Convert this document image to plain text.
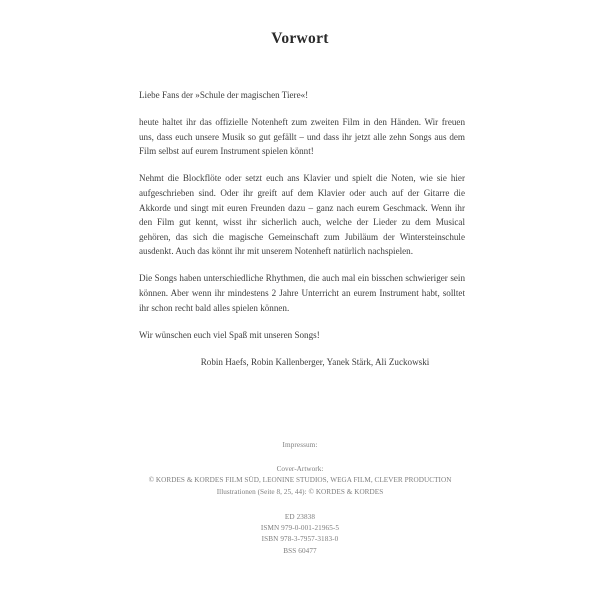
Vorwort

Liebe Fans der »Schule der magischen Tiere«!

heute haltet ihr das offizielle Notenheft zum zweiten Film in den Händen. Wir freuen uns, dass euch unsere Musik so gut gefällt – und dass ihr jetzt alle zehn Songs aus dem Film selbst auf eurem Instrument spielen könnt!

Nehmt die Blockflöte oder setzt euch ans Klavier und spielt die Noten, wie sie hier aufgeschrieben sind. Oder ihr greift auf dem Klavier oder auch auf der Gitarre die Akkorde und singt mit euren Freunden dazu – ganz nach eurem Geschmack. Wenn ihr den Film gut kennt, wisst ihr sicherlich auch, welche der Lieder zu dem Musical gehören, das sich die magische Gemeinschaft zum Jubiläum der Wintersteinschule ausdenkt. Auch das könnt ihr mit unserem Notenheft natürlich nachspielen.

Die Songs haben unterschiedliche Rhythmen, die auch mal ein bisschen schwieriger sein können. Aber wenn ihr mindestens 2 Jahre Unterricht an eurem Instrument habt, solltet ihr schon recht bald alles spielen können.

Wir wünschen euch viel Spaß mit unseren Songs!

Robin Haefs, Robin Kallenberger, Yanek Stärk, Ali Zuckowski

Impressum:
Cover-Artwork:
© KORDES & KORDES FILM SÜD, LEONINE STUDIOS, WEGA FILM, CLEVER PRODUCTION
Illustrationen (Seite 8, 25, 44): © KORDES & KORDES
ED 23838
ISMN 979-0-001-21965-5
ISBN 978-3-7957-3183-0
BSS 60477
